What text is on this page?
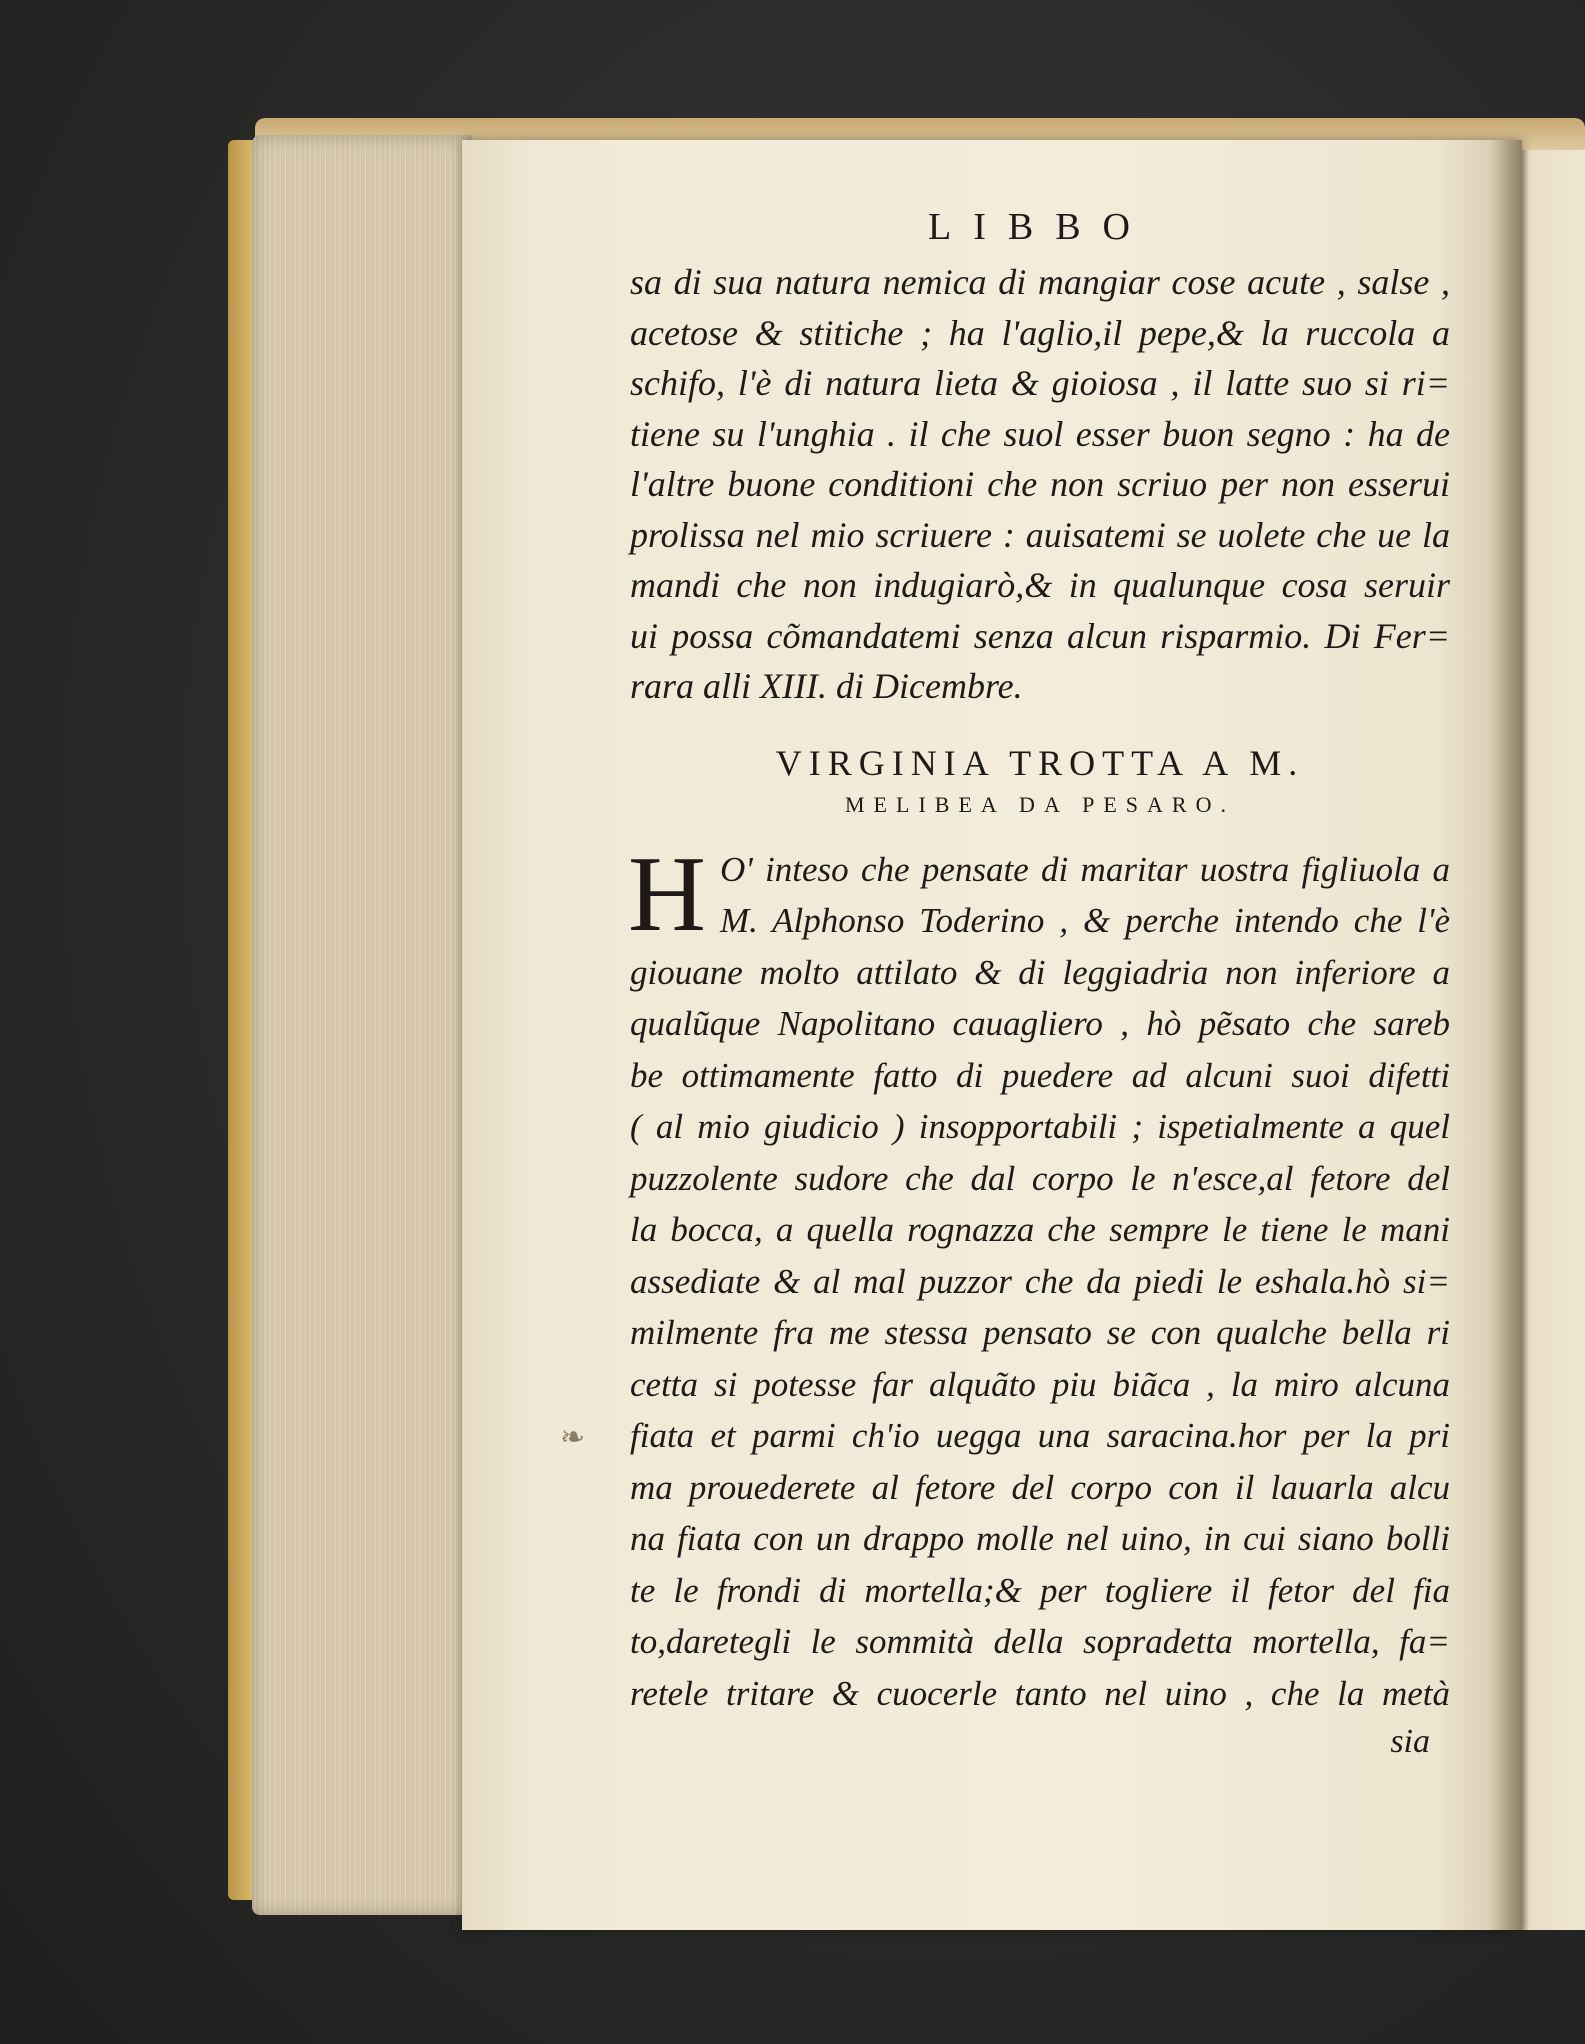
❧
LIBBO
sa di sua natura nemica di mangiar cose acute , salse ,
acetose & stitiche ; ha l'aglio,il pepe,& la ruccola a
schifo, l'è di natura lieta & gioiosa , il latte suo si ri=
tiene su l'unghia . il che suol esser buon segno : ha de
l'altre buone conditioni che non scriuo per non esserui
prolissa nel mio scriuere : auisatemi se uolete che ue la
mandi che non indugiarò,& in qualunque cosa seruir
ui possa cõmandatemi senza alcun risparmio. Di Fer=
rara alli XIII. di Dicembre.
VIRGINIA TROTTA A M.
MELIBEA DA PESARO.
H O' inteso che pensate di maritar uostra figliuola a
M. Alphonso Toderino , & perche intendo che l'è
giouane molto attilato & di leggiadria non inferiore a
qualũque Napolitano cauagliero , hò pẽsato che sareb
be ottimamente fatto di puedere ad alcuni suoi difetti
( al mio giudicio ) insopportabili ; ispetialmente a quel
puzzolente sudore che dal corpo le n'esce,al fetore del
la bocca, a quella rognazza che sempre le tiene le mani
assediate & al mal puzzor che da piedi le eshala.hò si=
milmente fra me stessa pensato se con qualche bella ri
cetta si potesse far alquãto piu biãca , la miro alcuna
fiata et parmi ch'io uegga una saracina.hor per la pri
ma prouederete al fetore del corpo con il lauarla alcu
na fiata con un drappo molle nel uino, in cui siano bolli
te le frondi di mortella;& per togliere il fetor del fia
to,daretegli le sommità della sopradetta mortella, fa=
retele tritare & cuocerle tanto nel uino , che la metà
sia
